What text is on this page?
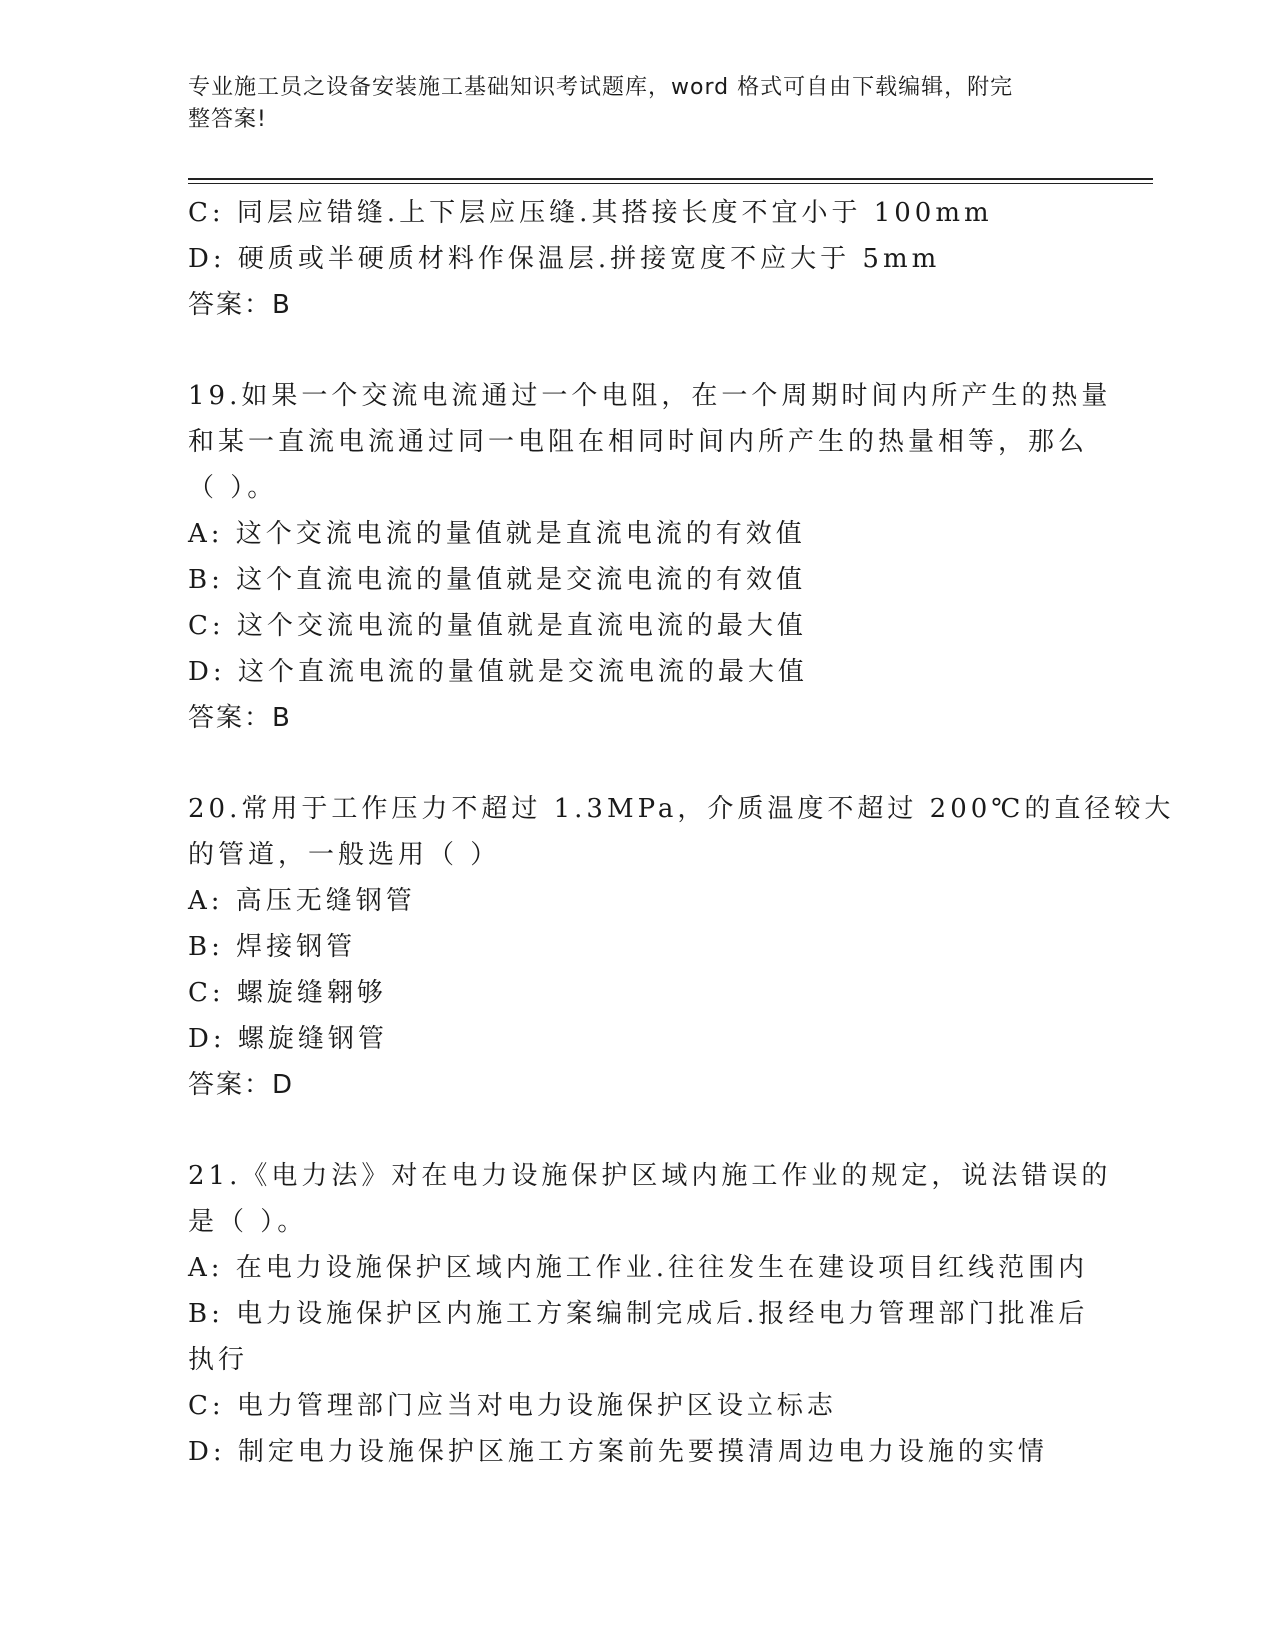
专业施工员之设备安装施工基础知识考试题库，word 格式可自由下载编辑，附完
整答案!
C: 同层应错缝.上下层应压缝.其搭接长度不宜小于 100mm
D: 硬质或半硬质材料作保温层.拼接宽度不应大于 5mm
答案：B
19.如果一个交流电流通过一个电阻，在一个周期时间内所产生的热量
和某一直流电流通过同一电阻在相同时间内所产生的热量相等，那么
（ ）。
A: 这个交流电流的量值就是直流电流的有效值
B: 这个直流电流的量值就是交流电流的有效值
C: 这个交流电流的量值就是直流电流的最大值
D: 这个直流电流的量值就是交流电流的最大值
答案：B
20.常用于工作压力不超过 1.3MPa，介质温度不超过 200℃的直径较大
的管道，一般选用（ ）
A: 高压无缝钢管
B: 焊接钢管
C: 螺旋缝翱够
D: 螺旋缝钢管
答案：D
21.《电力法》对在电力设施保护区域内施工作业的规定，说法错误的
是（ ）。
A: 在电力设施保护区域内施工作业.往往发生在建设项目红线范围内
B: 电力设施保护区内施工方案编制完成后.报经电力管理部门批准后
执行
C: 电力管理部门应当对电力设施保护区设立标志
D: 制定电力设施保护区施工方案前先要摸清周边电力设施的实情
